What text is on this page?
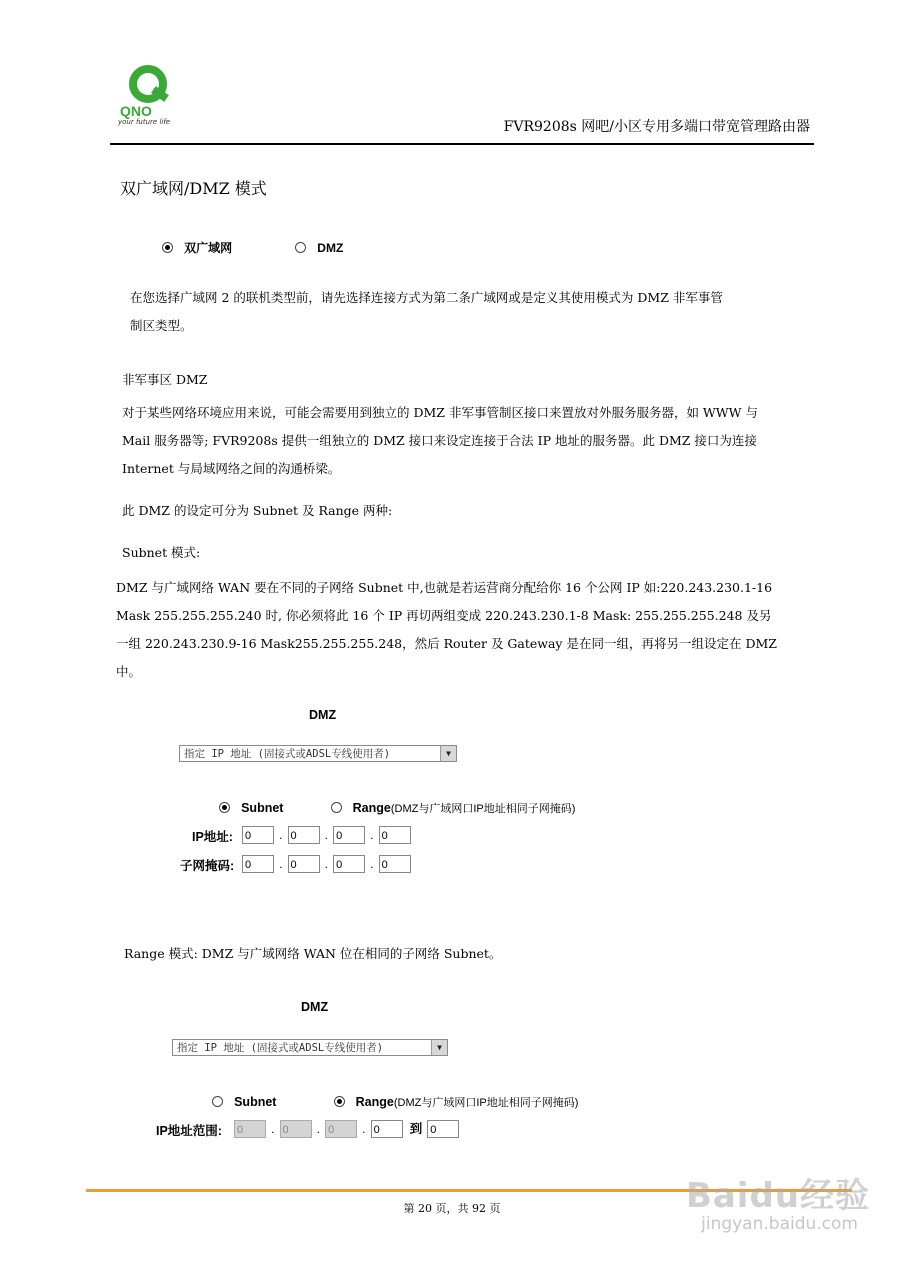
QNO
your future life	FVR9208s 网吧/小区专用多端口带宽管理路由器
双广域网/DMZ 模式
双广域网	DMZ
在您选择广域网 2 的联机类型前，请先选择连接方式为第二条广域网或是定义其使用模式为 DMZ 非军事管
制区类型。
非军事区 DMZ
对于某些网络环境应用来说，可能会需要用到独立的 DMZ 非军事管制区接口来置放对外服务服务器，如 WWW 与
Mail 服务器等; FVR9208s 提供一组独立的 DMZ 接口来设定连接于合法 IP 地址的服务器。此 DMZ 接口为连接
Internet 与局域网络之间的沟通桥梁。
此 DMZ 的设定可分为 Subnet 及 Range 两种:
Subnet 模式:
DMZ 与广域网络 WAN 要在不同的子网络 Subnet 中,也就是若运营商分配给你 16 个公网 IP 如:220.243.230.1-16
Mask 255.255.255.240 时, 你必须将此 16 个 IP 再切两组变成 220.243.230.1-8 Mask: 255.255.255.248 及另
一组 220.243.230.9-16 Mask255.255.255.248，然后 Router 及 Gateway 是在同一组，再将另一组设定在 DMZ
中。
DMZ
指定 IP 地址 (固接式或ADSL专线使用者)	▼
Subnet	Range(DMZ与广域网口IP地址相同子网掩码)
IP地址: 0 . 0 . 0 . 0
子网掩码: 0 . 0 . 0 . 0
Range 模式: DMZ 与广域网络 WAN 位在相同的子网络 Subnet。
DMZ
指定 IP 地址 (固接式或ADSL专线使用者)	▼
Subnet	Range(DMZ与广域网口IP地址相同子网掩码)
IP地址范围: 0 . 0 . 0 . 0 到 0
第 20 页，共 92 页	Baidu经验
jingyan.baidu.com
